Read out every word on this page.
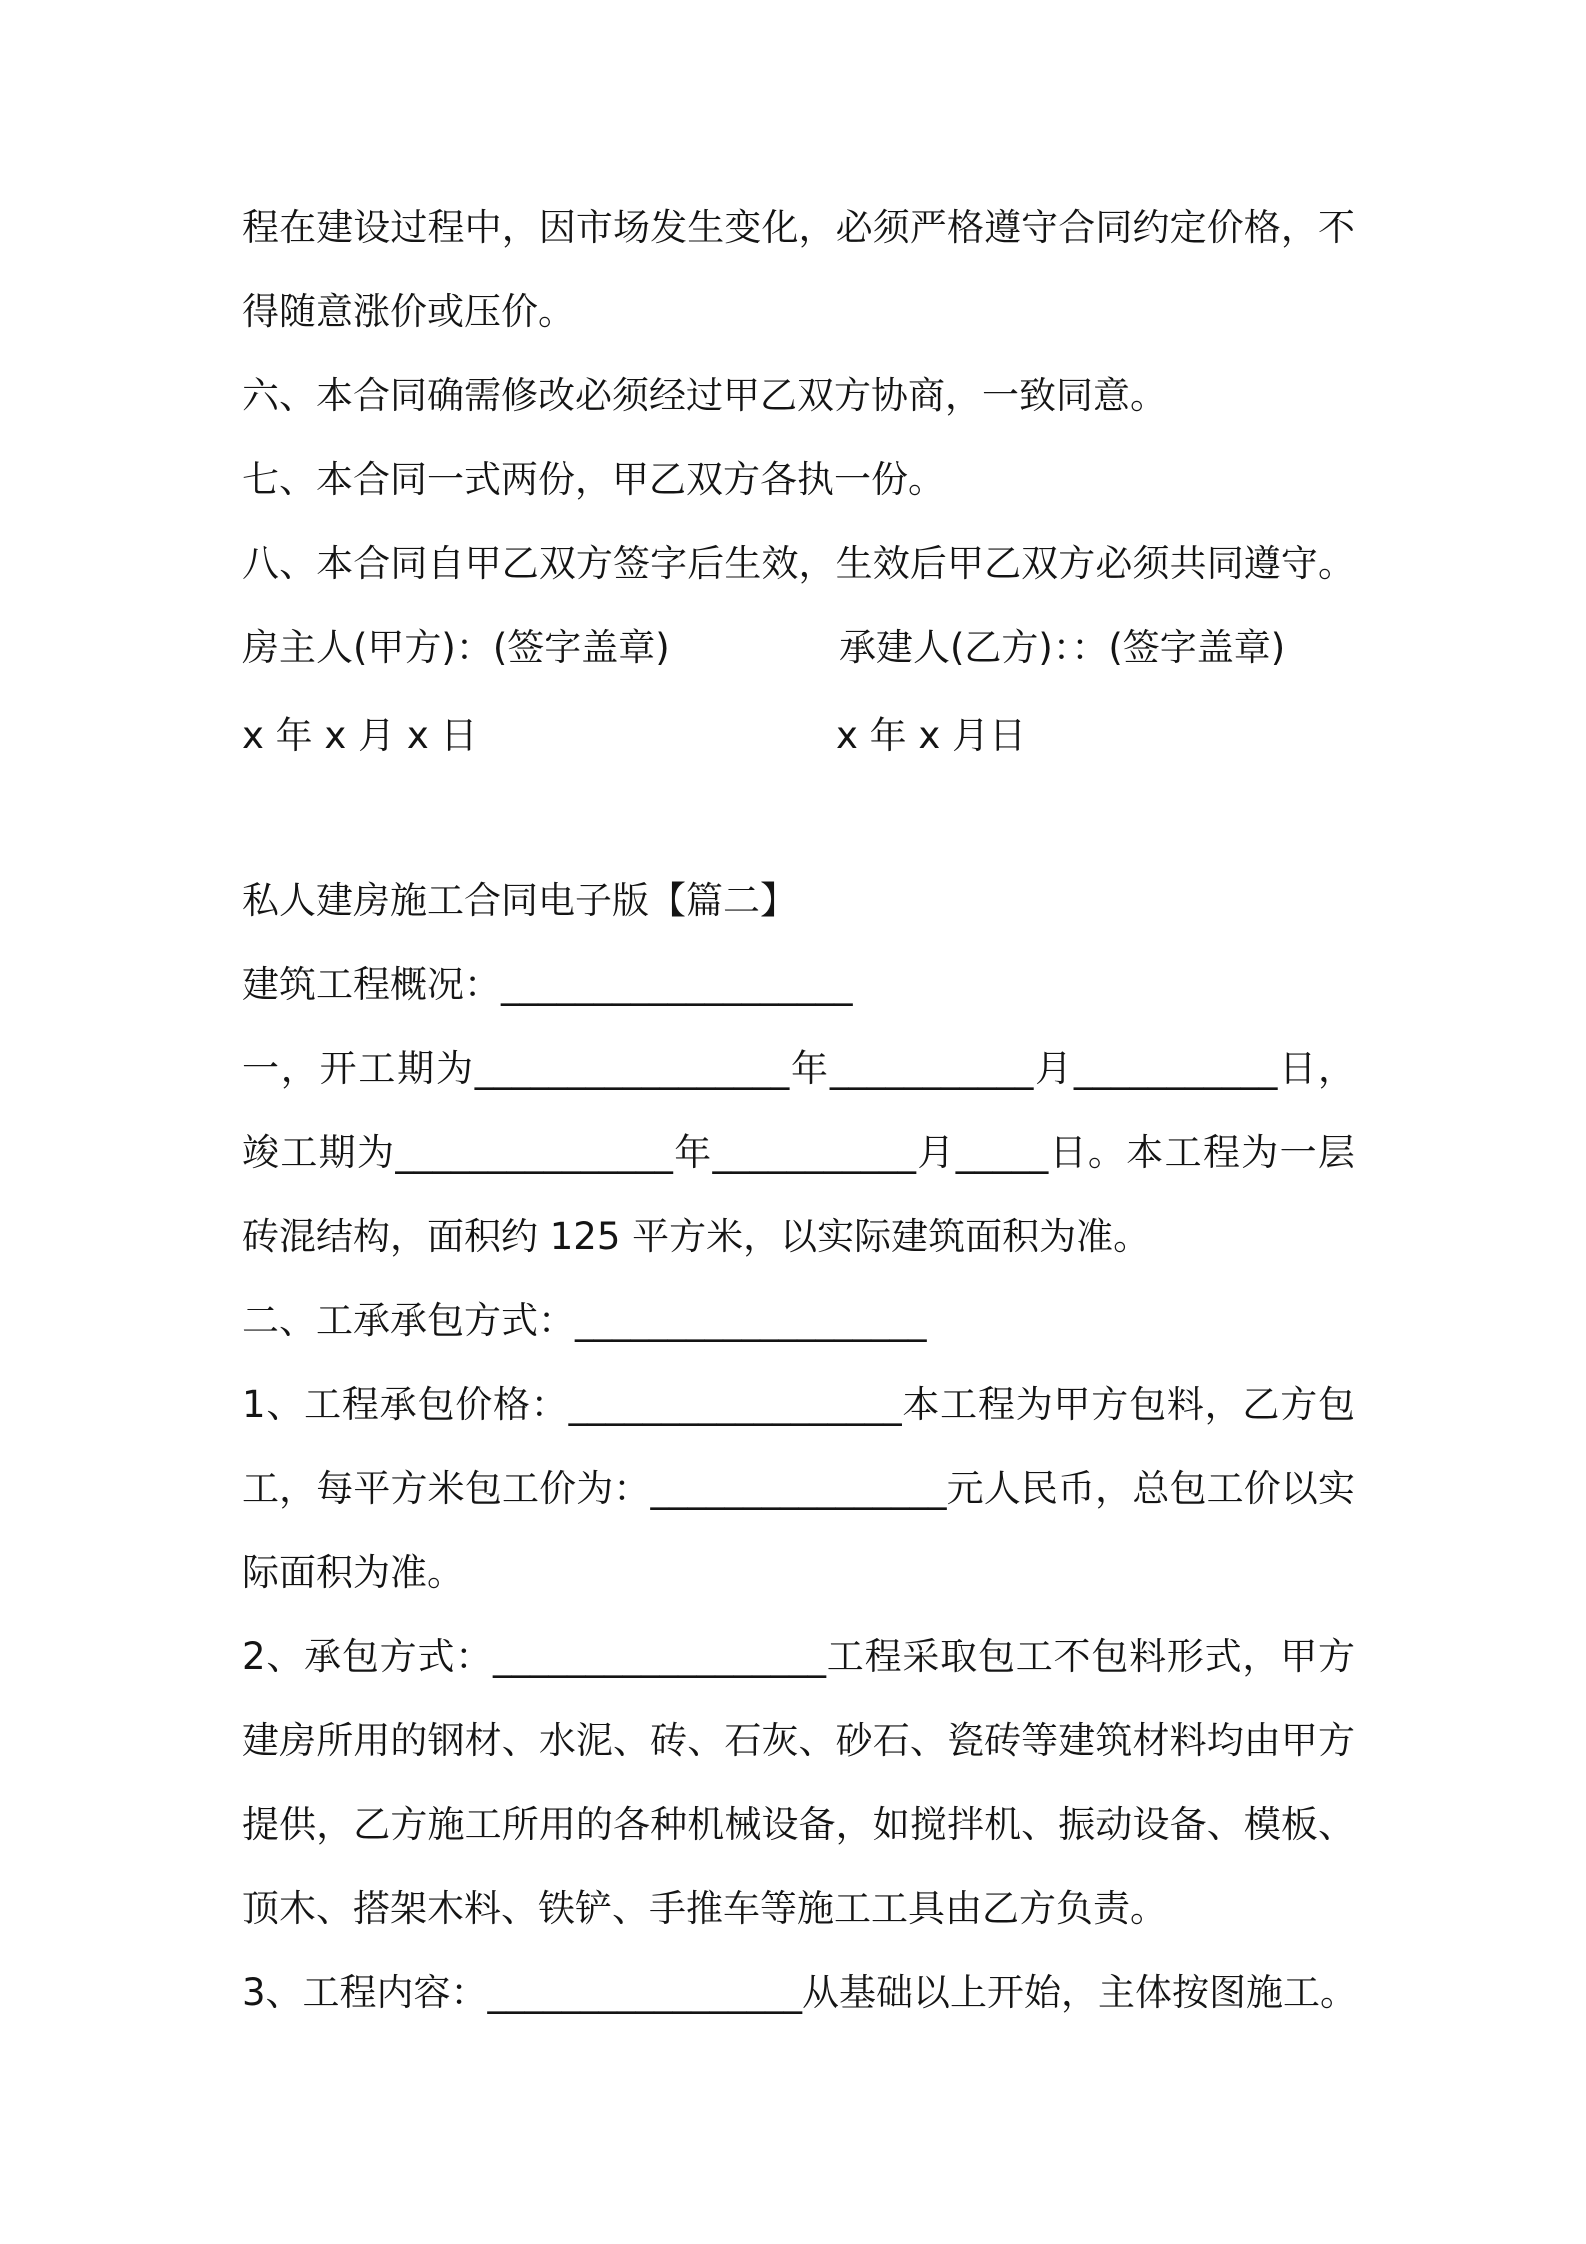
程在建设过程中，因市场发生变化，必须严格遵守合同约定价格，不
得随意涨价或压价。
六、本合同确需修改必须经过甲乙双方协商，一致同意。
七、本合同一式两份，甲乙双方各执一份。
八、本合同自甲乙双方签字后生效，生效后甲乙双方必须共同遵守。
房主人(甲方)：(签字盖章)	承建人(乙方)：：(签字盖章)
x 年 x 月 x 日	x 年 x 月日
私人建房施工合同电子版【篇二】
建筑工程概况：___________________
一，开工期为_________________年___________月___________日，
竣工期为_______________年___________月_____日。本工程为一层
砖混结构，面积约 125 平方米，以实际建筑面积为准。
二、工承承包方式：___________________
1、工程承包价格：__________________本工程为甲方包料，乙方包
工，每平方米包工价为：________________元人民币，总包工价以实
际面积为准。
2、承包方式：__________________工程采取包工不包料形式，甲方
建房所用的钢材、水泥、砖、石灰、砂石、瓷砖等建筑材料均由甲方
提供，乙方施工所用的各种机械设备，如搅拌机、振动设备、模板、
顶木、搭架木料、铁铲、手推车等施工工具由乙方负责。
3、工程内容：_________________从基础以上开始，主体按图施工。
